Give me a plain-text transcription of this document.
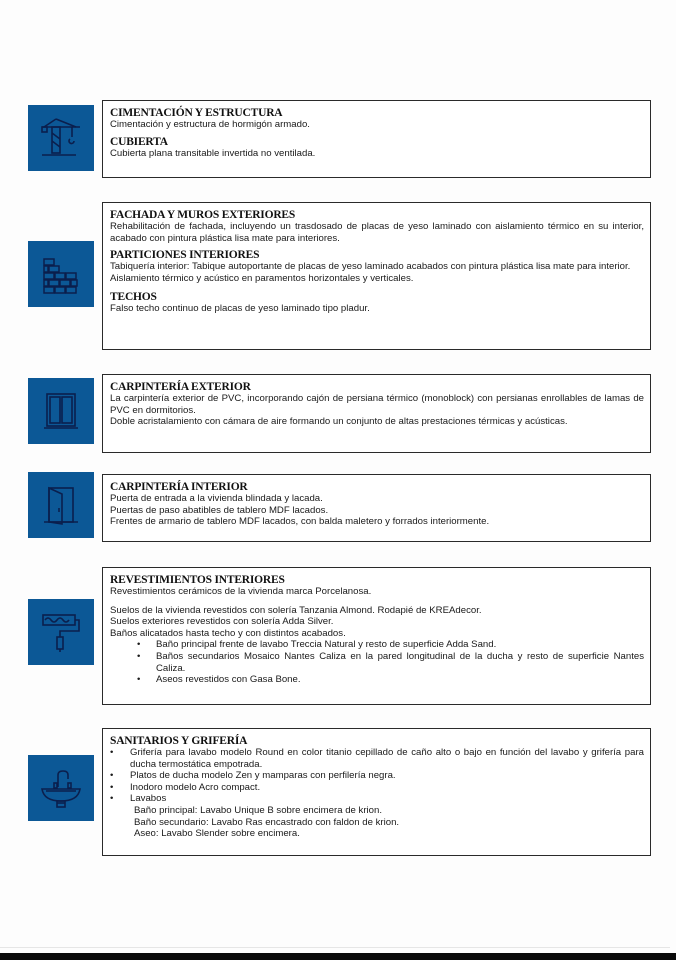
CIMENTACIÓN Y ESTRUCTURA
Cimentación y estructura de hormigón armado.
CUBIERTA
Cubierta plana transitable invertida no ventilada.
FACHADA Y MUROS EXTERIORES
Rehabilitación de fachada, incluyendo un trasdosado de placas de yeso laminado con aislamiento térmico en su interior, acabado con pintura plástica lisa mate para interiores.
PARTICIONES INTERIORES
Tabiquería interior: Tabique autoportante de placas de yeso laminado acabados con pintura plástica lisa mate para interior.
Aislamiento térmico y acústico en paramentos horizontales y verticales.
TECHOS
Falso techo continuo de placas de yeso laminado tipo pladur.
CARPINTERÍA EXTERIOR
La carpintería exterior de PVC, incorporando cajón de persiana térmico (monoblock) con persianas enrollables de lamas de PVC en dormitorios.
Doble acristalamiento con cámara de aire formando un conjunto de altas prestaciones térmicas y acústicas.
CARPINTERÍA INTERIOR
Puerta de entrada a la vivienda blindada y lacada.
Puertas de paso abatibles de tablero MDF lacados.
Frentes de armario de tablero MDF lacados, con balda maletero y forrados interiormente.
REVESTIMIENTOS INTERIORES
Revestimientos cerámicos de la vivienda marca Porcelanosa.
Suelos de la vivienda revestidos con solería Tanzania Almond. Rodapié de KREAdecor.
Suelos exteriores revestidos con solería Adda Silver.
Baños alicatados hasta techo y con distintos acabados.
• Baño principal frente de lavabo Treccia Natural y resto de superficie Adda Sand.
• Baños secundarios Mosaico Nantes Caliza en la pared longitudinal de la ducha y resto de superficie Nantes Caliza.
• Aseos revestidos con Gasa Bone.
SANITARIOS Y GRIFERÍA
• Grifería para lavabo modelo Round en color titanio cepillado de caño alto o bajo en función del lavabo y grifería para ducha termostática empotrada.
• Platos de ducha modelo Zen y mamparas con perfilería negra.
• Inodoro modelo Acro compact.
• Lavabos
Baño principal: Lavabo Unique B sobre encimera de krion.
Baño secundario: Lavabo Ras encastrado con faldon de krion.
Aseo: Lavabo Slender sobre encimera.
